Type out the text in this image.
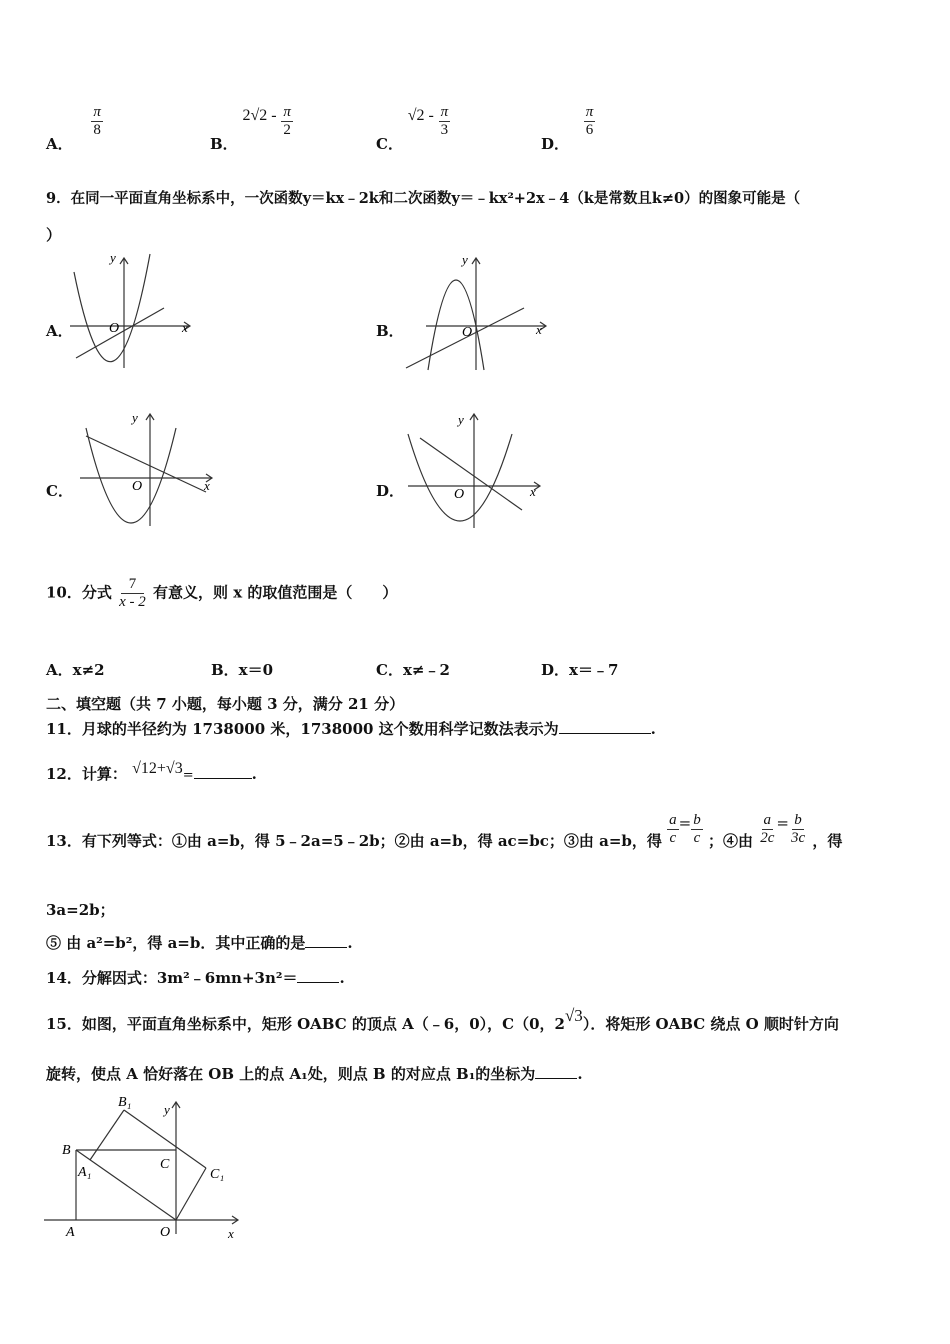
A．
$\frac{\pi}{8}$
B． $2√2 - \frac{\pi}{2}$
C． $√2 - \frac{\pi}{3}$
D．
$\frac{\pi}{6}$
9．在同一平面直角坐标系中，一次函数y＝kx﹣2k和二次函数y＝﹣kx²+2x﹣4（k是常数且k≠0）的图象可能是（
）
A．	O
y
x	B．	O
y
x
C．	O
y
x	D．	O
y
x
10．分式 $\frac{7}{x - 2}$ 有意义，则 x 的取值范围是（　　）
A．x≠2	B．x＝0	C．x≠﹣2	D．x＝﹣7
二、填空题（共 7 小题，每小题 3 分，满分 21 分）
11．月球的半径约为 1738000 米，1738000 这个数用科学记数法表示为	.
12．计算： √12+√3=	.
13．有下列等式：①由 a=b，得 5﹣2a=5﹣2b；②由 a=b，得 ac=bc；③由 a=b，得 $\frac{a}{c} = \frac{b}{c}$ ；④由 $\frac{a}{2c} = \frac{b}{3c}$ ，得
3a=2b；
⑤ 由 a²=b²，得 a=b．其中正确的是	.
14．分解因式：3m²﹣6mn+3n²＝	.
15．如图，平面直角坐标系中，矩形 OABC 的顶点 A（﹣6，0），C（0，2√3）．将矩形 OABC 绕点 O 顺时针方向
旋转，使点 A 恰好落在 OB 上的点 A₁处，则点 B 的对应点 B₁的坐标为	.
B₁	y
B
A₁
C
C₁
A	O	x
